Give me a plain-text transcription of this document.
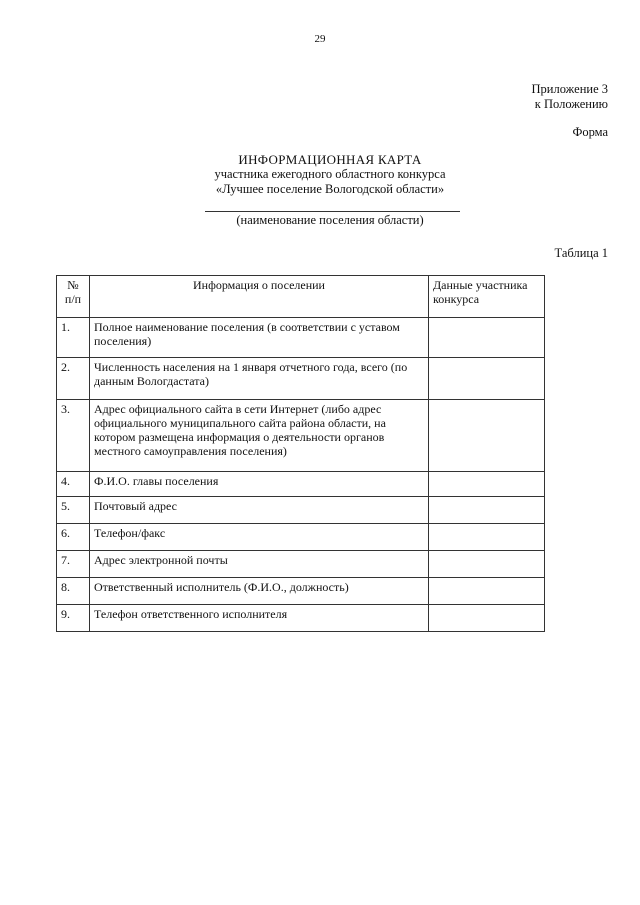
29
Приложение 3
к Положению
Форма
ИНФОРМАЦИОННАЯ КАРТА
участника ежегодного областного конкурса
«Лучшее поселение Вологодской области»
(наименование поселения области)
Таблица 1
№ п/п	Информация о поселении	Данные участника конкурса
1.	Полное наименование поселения (в соответствии с уставом поселения)	
2.	Численность населения на 1 января отчетного года, всего (по данным Вологдастата)	
3.	Адрес официального сайта в сети Интернет (либо адрес официального муниципального сайта района области, на котором размещена информация о деятельности органов местного самоуправления поселения)	
4.	Ф.И.О. главы поселения	
5.	Почтовый адрес	
6.	Телефон/факс	
7.	Адрес электронной почты	
8.	Ответственный исполнитель (Ф.И.О., должность)	
9.	Телефон ответственного исполнителя	
